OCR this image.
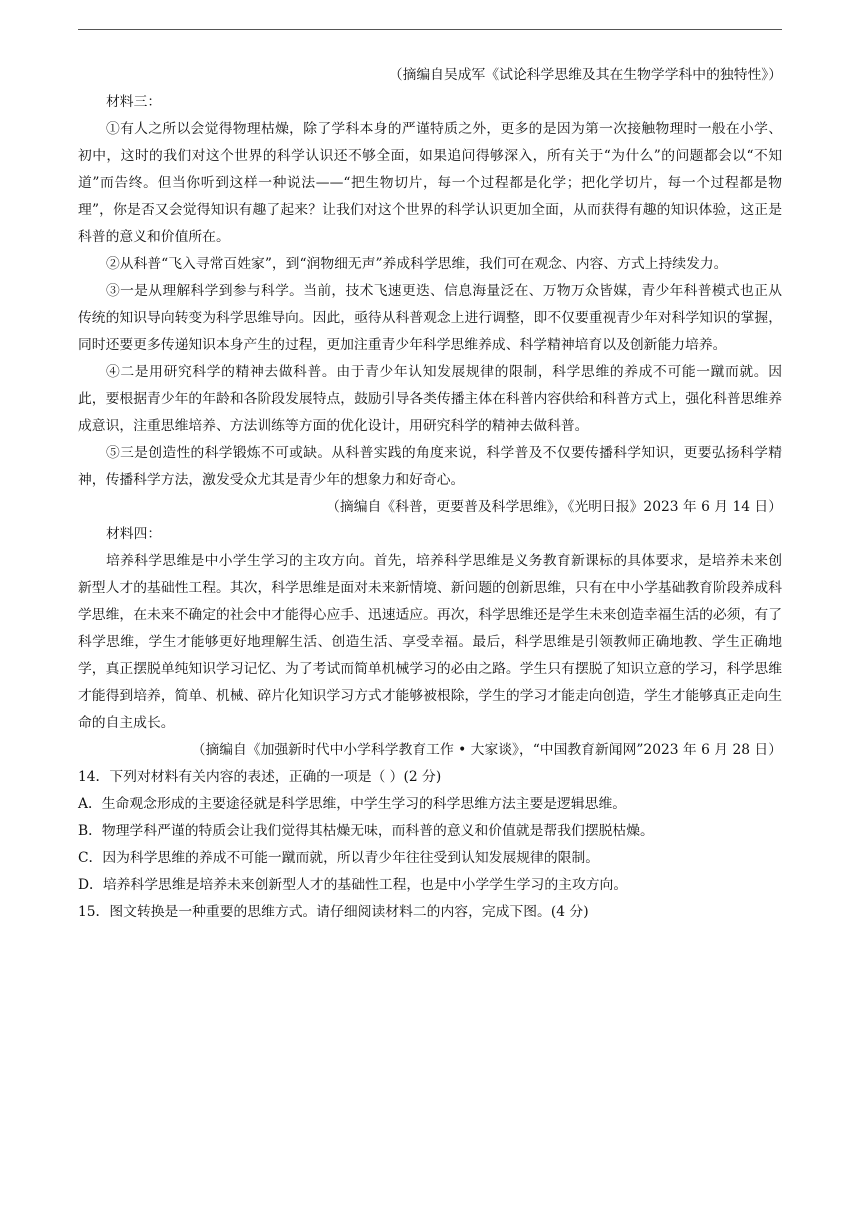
（摘编自吴成军《试论科学思维及其在生物学学科中的独特性》）
材料三：
①有人之所以会觉得物理枯燥，除了学科本身的严谨特质之外，更多的是因为第一次接触物理时一般在小学、初中，这时的我们对这个世界的科学认识还不够全面，如果追问得够深入，所有关于“为什么”的问题都会以“不知道”而告终。但当你听到这样一种说法——“把生物切片，每一个过程都是化学；把化学切片，每一个过程都是物理”，你是否又会觉得知识有趣了起来？让我们对这个世界的科学认识更加全面，从而获得有趣的知识体验，这正是科普的意义和价值所在。
②从科普“飞入寻常百姓家”，到“润物细无声”养成科学思维，我们可在观念、内容、方式上持续发力。
③一是从理解科学到参与科学。当前，技术飞速更迭、信息海量泛在、万物万众皆媒，青少年科普模式也正从传统的知识导向转变为科学思维导向。因此，亟待从科普观念上进行调整，即不仅要重视青少年对科学知识的掌握，同时还要更多传递知识本身产生的过程，更加注重青少年科学思维养成、科学精神培育以及创新能力培养。
④二是用研究科学的精神去做科普。由于青少年认知发展规律的限制，科学思维的养成不可能一蹴而就。因此，要根据青少年的年龄和各阶段发展特点，鼓励引导各类传播主体在科普内容供给和科普方式上，强化科普思维养成意识，注重思维培养、方法训练等方面的优化设计，用研究科学的精神去做科普。
⑤三是创造性的科学锻炼不可或缺。从科普实践的角度来说，科学普及不仅要传播科学知识，更要弘扬科学精神，传播科学方法，激发受众尤其是青少年的想象力和好奇心。
（摘编自《科普，更要普及科学思维》，《光明日报》2023 年 6 月 14 日）
材料四：
培养科学思维是中小学生学习的主攻方向。首先，培养科学思维是义务教育新课标的具体要求，是培养未来创新型人才的基础性工程。其次，科学思维是面对未来新情境、新问题的创新思维，只有在中小学基础教育阶段养成科学思维，在未来不确定的社会中才能得心应手、迅速适应。再次，科学思维还是学生未来创造幸福生活的必须，有了科学思维，学生才能够更好地理解生活、创造生活、享受幸福。最后，科学思维是引领教师正确地教、学生正确地学，真正摆脱单纯知识学习记忆、为了考试而简单机械学习的必由之路。学生只有摆脱了知识立意的学习，科学思维才能得到培养，简单、机械、碎片化知识学习方式才能够被根除，学生的学习才能走向创造，学生才能够真正走向生命的自主成长。
（摘编自《加强新时代中小学科学教育工作 • 大家谈》，“中国教育新闻网”2023 年 6 月 28 日）
14．下列对材料有关内容的表述，正确的一项是（ ）(2 分)
A．生命观念形成的主要途径就是科学思维，中学生学习的科学思维方法主要是逻辑思维。
B．物理学科严谨的特质会让我们觉得其枯燥无味，而科普的意义和价值就是帮我们摆脱枯燥。
C．因为科学思维的养成不可能一蹴而就，所以青少年往往受到认知发展规律的限制。
D．培养科学思维是培养未来创新型人才的基础性工程，也是中小学学生学习的主攻方向。
15．图文转换是一种重要的思维方式。请仔细阅读材料二的内容，完成下图。(4 分)
